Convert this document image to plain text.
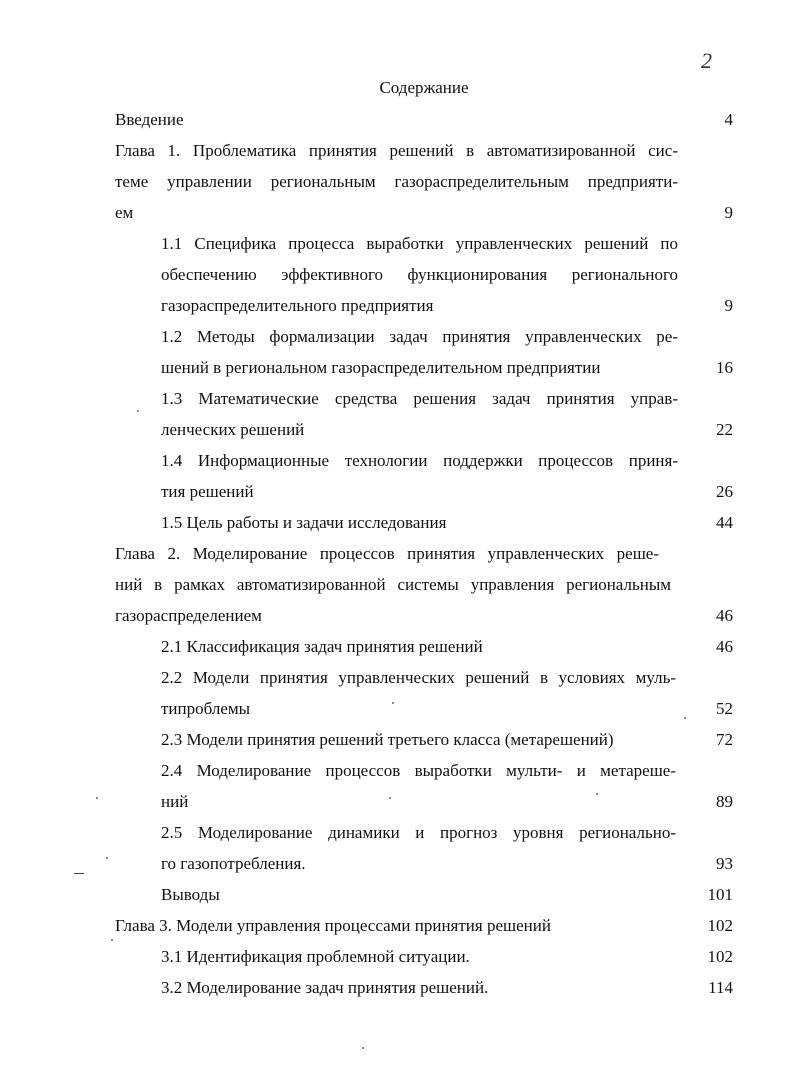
2
Содержание
Введение	4
Глава 1. Проблематика принятия решений в автоматизированной сис-
теме управлении региональным газораспределительным предприяти-
ем	9
1.1 Специфика процесса выработки управленческих решений по
обеспечению эффективного функционирования регионального
газораспределительного предприятия	9
1.2 Методы формализации задач принятия управленческих ре-
шений в региональном газораспределительном предприятии	16
1.3 Математические средства решения задач принятия управ-
ленческих решений	22
1.4 Информационные технологии поддержки процессов приня-
тия решений	26
1.5 Цель работы и задачи исследования	44
Глава 2. Моделирование процессов принятия управленческих реше-
ний в рамках автоматизированной системы управления региональным
газораспределением	46
2.1 Классификация задач принятия решений	46
2.2 Модели принятия управленческих решений в условиях муль-
типроблемы	52
2.3 Модели принятия решений третьего класса (метарешений)	72
2.4 Моделирование процессов выработки мульти- и метареше-
ний	89
2.5 Моделирование динамики и прогноз уровня регионально-
го газопотребления.	93
Выводы	101
Глава 3. Модели управления процессами принятия решений	102
3.1 Идентификация проблемной ситуации.	102
3.2 Моделирование задач принятия решений.	114
